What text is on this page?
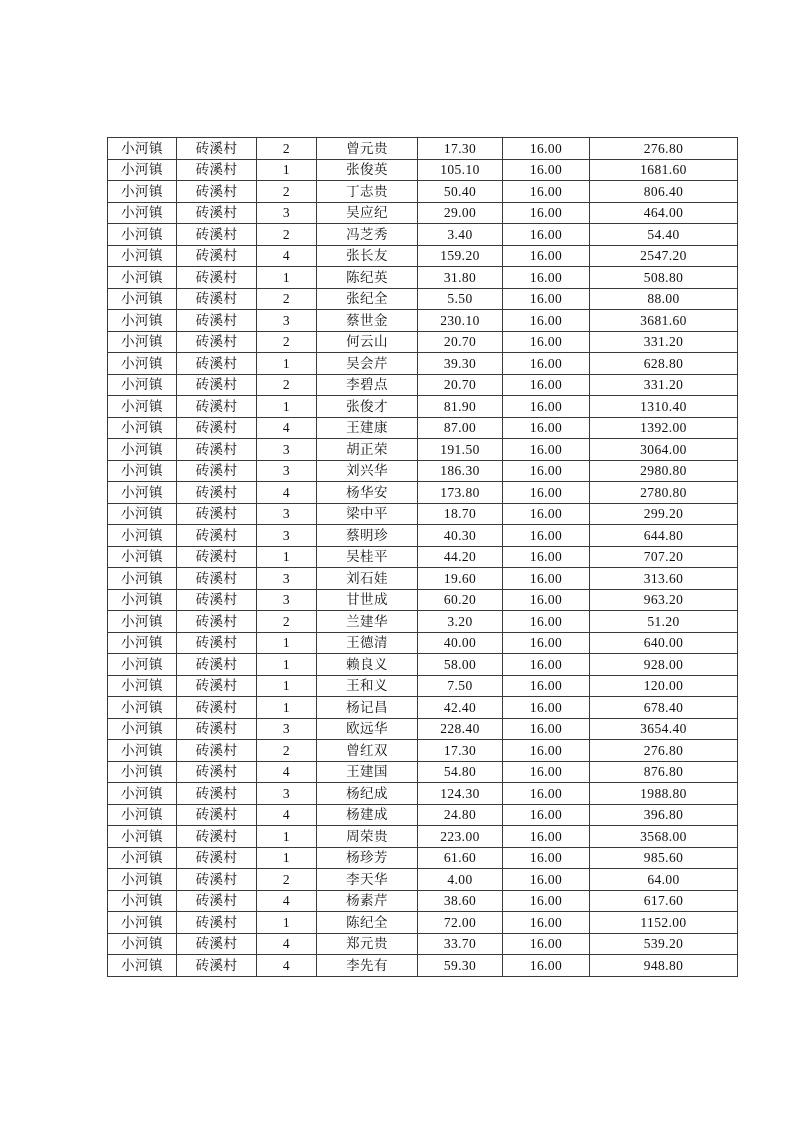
小河镇	砖溪村	2	曾元贵	17.30	16.00	276.80
小河镇	砖溪村	1	张俊英	105.10	16.00	1681.60
小河镇	砖溪村	2	丁志贵	50.40	16.00	806.40
小河镇	砖溪村	3	吴应纪	29.00	16.00	464.00
小河镇	砖溪村	2	冯芝秀	3.40	16.00	54.40
小河镇	砖溪村	4	张长友	159.20	16.00	2547.20
小河镇	砖溪村	1	陈纪英	31.80	16.00	508.80
小河镇	砖溪村	2	张纪全	5.50	16.00	88.00
小河镇	砖溪村	3	蔡世金	230.10	16.00	3681.60
小河镇	砖溪村	2	何云山	20.70	16.00	331.20
小河镇	砖溪村	1	吴会芹	39.30	16.00	628.80
小河镇	砖溪村	2	李碧点	20.70	16.00	331.20
小河镇	砖溪村	1	张俊才	81.90	16.00	1310.40
小河镇	砖溪村	4	王建康	87.00	16.00	1392.00
小河镇	砖溪村	3	胡正荣	191.50	16.00	3064.00
小河镇	砖溪村	3	刘兴华	186.30	16.00	2980.80
小河镇	砖溪村	4	杨华安	173.80	16.00	2780.80
小河镇	砖溪村	3	梁中平	18.70	16.00	299.20
小河镇	砖溪村	3	蔡明珍	40.30	16.00	644.80
小河镇	砖溪村	1	吴桂平	44.20	16.00	707.20
小河镇	砖溪村	3	刘石娃	19.60	16.00	313.60
小河镇	砖溪村	3	甘世成	60.20	16.00	963.20
小河镇	砖溪村	2	兰建华	3.20	16.00	51.20
小河镇	砖溪村	1	王德清	40.00	16.00	640.00
小河镇	砖溪村	1	赖良义	58.00	16.00	928.00
小河镇	砖溪村	1	王和义	7.50	16.00	120.00
小河镇	砖溪村	1	杨记昌	42.40	16.00	678.40
小河镇	砖溪村	3	欧远华	228.40	16.00	3654.40
小河镇	砖溪村	2	曾红双	17.30	16.00	276.80
小河镇	砖溪村	4	王建国	54.80	16.00	876.80
小河镇	砖溪村	3	杨纪成	124.30	16.00	1988.80
小河镇	砖溪村	4	杨建成	24.80	16.00	396.80
小河镇	砖溪村	1	周荣贵	223.00	16.00	3568.00
小河镇	砖溪村	1	杨珍芳	61.60	16.00	985.60
小河镇	砖溪村	2	李天华	4.00	16.00	64.00
小河镇	砖溪村	4	杨素芹	38.60	16.00	617.60
小河镇	砖溪村	1	陈纪全	72.00	16.00	1152.00
小河镇	砖溪村	4	郑元贵	33.70	16.00	539.20
小河镇	砖溪村	4	李先有	59.30	16.00	948.80
